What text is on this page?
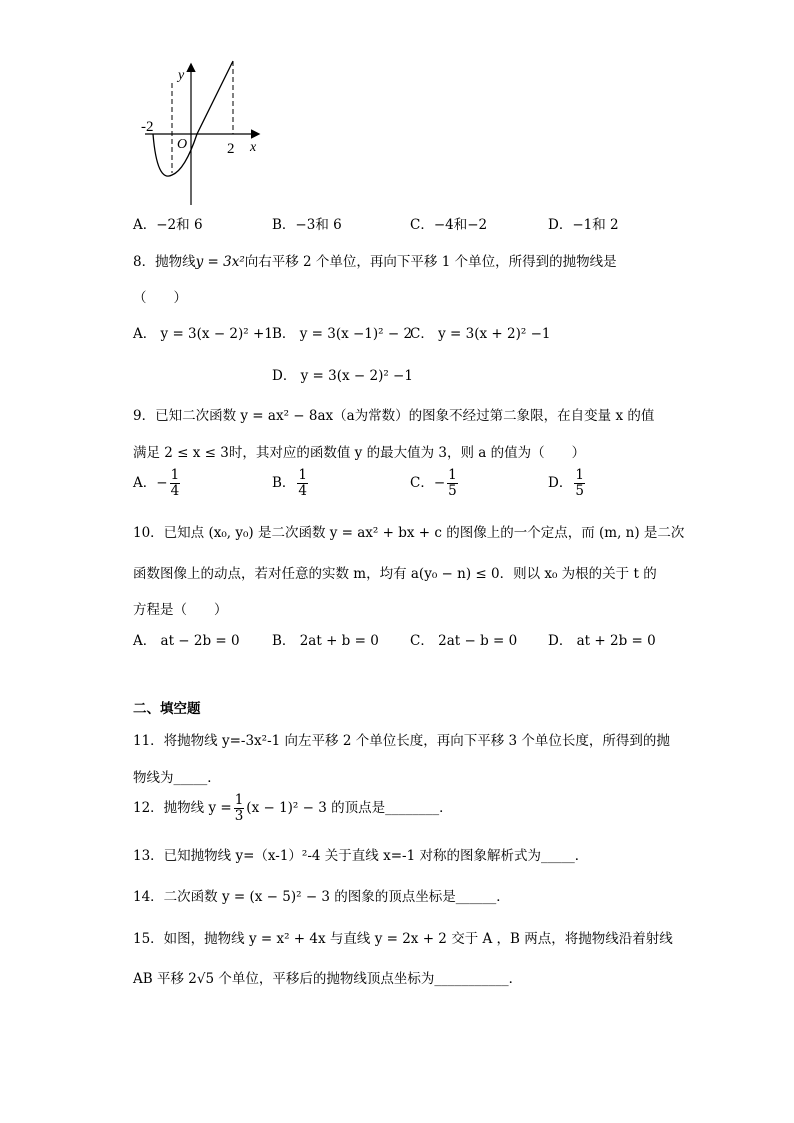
y
x
O
-2
2
A．−2和 6	B．−3和 6	C．−4和−2	D．−1和 2
8．抛物线y = 3x²向右平移 2 个单位，再向下平移 1 个单位，所得到的抛物线是
（　　）
A． y = 3(x − 2)² +1 B． y = 3(x −1)² − 2
C． y = 3(x + 2)² −1
D． y = 3(x − 2)² −1
9．已知二次函数 y = ax² − 8ax（a为常数）的图象不经过第二象限，在自变量 x 的值
满足 2 ≤ x ≤ 3时，其对应的函数值 y 的最大值为 3，则 a 的值为（　　）
A．− $\frac{1}{4}$	B． $\frac{1}{4}$	C．− $\frac{1}{5}$	D． $\frac{1}{5}$
10．已知点 (x₀, y₀) 是二次函数 y = ax² + bx + c 的图像上的一个定点，而 (m, n) 是二次
函数图像上的动点，若对任意的实数 m，均有 a(y₀ − n) ≤ 0．则以 x₀ 为根的关于 t 的
方程是（　　）
A． at − 2b = 0 B． 2at + b = 0 C． 2at − b = 0 D． at + 2b = 0
二、填空题
11．将抛物线 y=-3x²-1 向左平移 2 个单位长度，再向下平移 3 个单位长度，所得到的抛
物线为_____．
12．抛物线 $y = \frac{1}{3} (x - 1)^2 - 3$ 的顶点是________．
13．已知抛物线 y=（x-1）²-4 关于直线 x=-1 对称的图象解析式为_____．
14．二次函数 y = (x − 5)² − 3 的图象的顶点坐标是______．
15．如图，抛物线 y = x² + 4x 与直线 y = 2x + 2 交于 A ，B 两点，将抛物线沿着射线
AB 平移 2√5 个单位，平移后的抛物线顶点坐标为___________．
